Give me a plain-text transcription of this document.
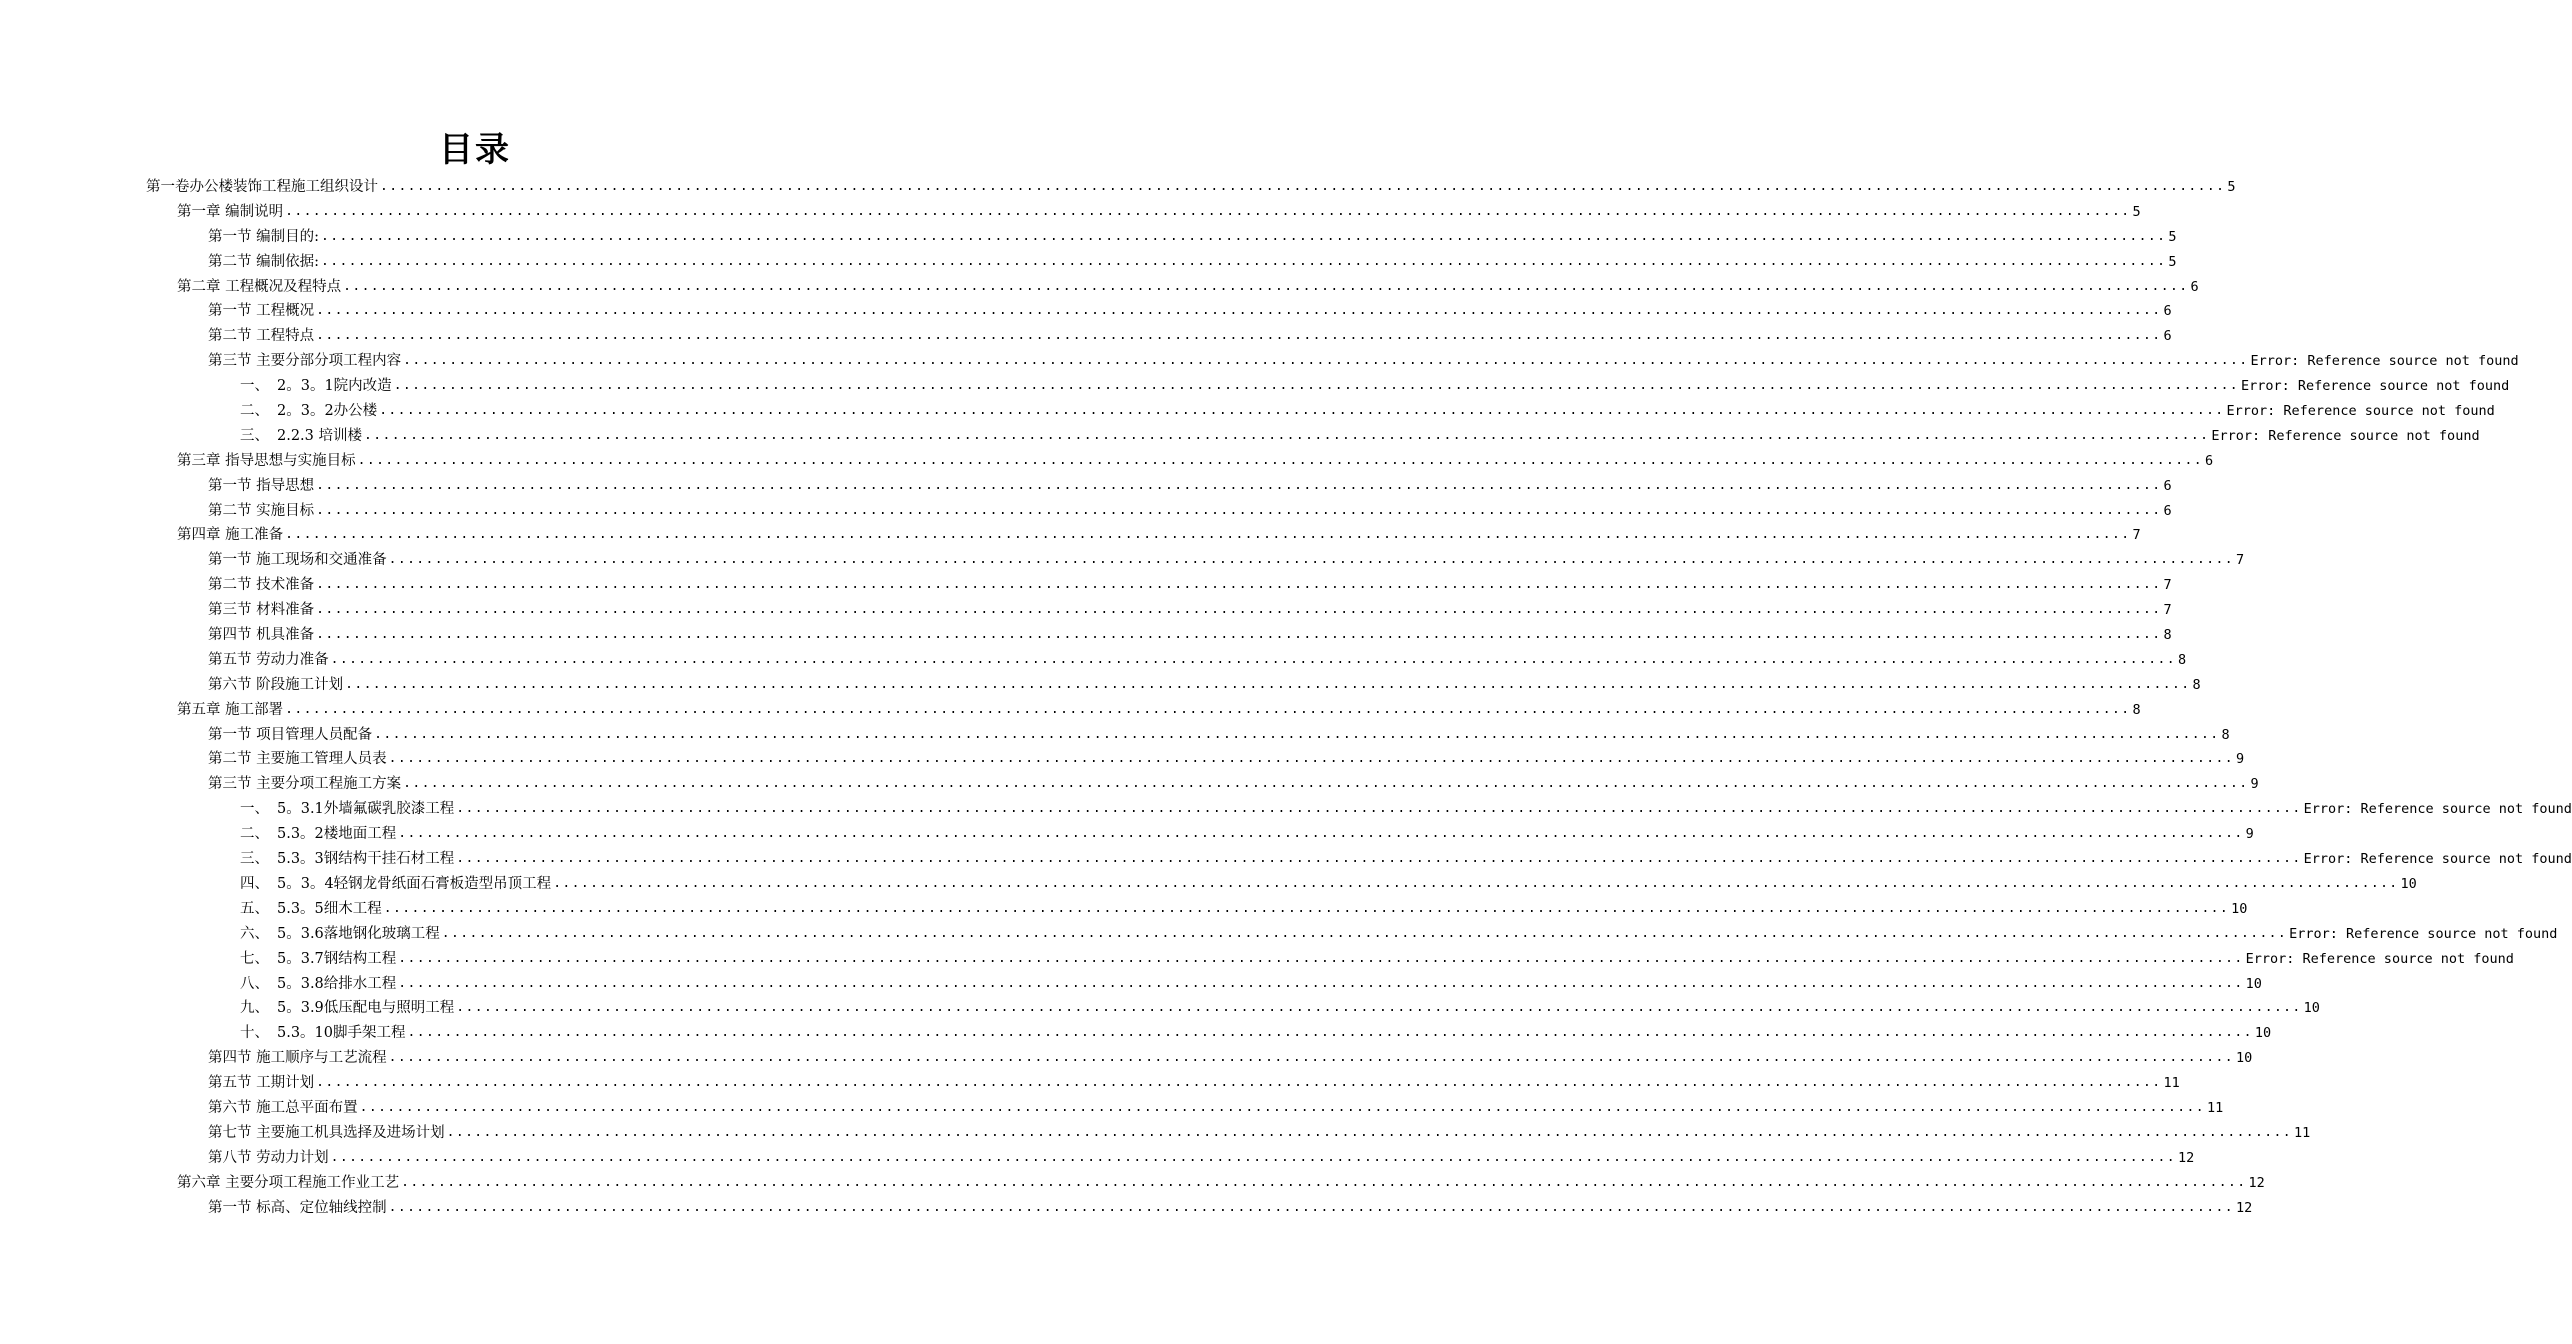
目录
第一卷办公楼装饰工程施工组织设计 ........................................................................................................................................................................................................ 5
第一章 编制说明 ........................................................................................................................................................................................................ 5
第一节 编制目的: ........................................................................................................................................................................................................ 5
第二节 编制依据: ........................................................................................................................................................................................................ 5
第二章 工程概况及程特点 ........................................................................................................................................................................................................ 6
第一节 工程概况 ........................................................................................................................................................................................................ 6
第二节 工程特点 ........................................................................................................................................................................................................ 6
第三节 主要分部分项工程内容 ........................................................................................................................................................................................................ Error: Reference source not found
一、 2。3。1院内改造 ........................................................................................................................................................................................................ Error: Reference source not found
二、 2。3。2办公楼 ........................................................................................................................................................................................................ Error: Reference source not found
三、 2.2.3 培训楼 ........................................................................................................................................................................................................ Error: Reference source not found
第三章 指导思想与实施目标 ........................................................................................................................................................................................................ 6
第一节 指导思想 ........................................................................................................................................................................................................ 6
第二节 实施目标 ........................................................................................................................................................................................................ 6
第四章 施工准备 ........................................................................................................................................................................................................ 7
第一节 施工现场和交通准备 ........................................................................................................................................................................................................ 7
第二节 技术准备 ........................................................................................................................................................................................................ 7
第三节 材料准备 ........................................................................................................................................................................................................ 7
第四节 机具准备 ........................................................................................................................................................................................................ 8
第五节 劳动力准备 ........................................................................................................................................................................................................ 8
第六节 阶段施工计划 ........................................................................................................................................................................................................ 8
第五章 施工部署 ........................................................................................................................................................................................................ 8
第一节 项目管理人员配备 ........................................................................................................................................................................................................ 8
第二节 主要施工管理人员表 ........................................................................................................................................................................................................ 9
第三节 主要分项工程施工方案 ........................................................................................................................................................................................................ 9
一、 5。3.1外墙氟碳乳胶漆工程 ........................................................................................................................................................................................................ Error: Reference source not found
二、 5.3。2楼地面工程 ........................................................................................................................................................................................................ 9
三、 5.3。3钢结构干挂石材工程 ........................................................................................................................................................................................................ Error: Reference source not found
四、 5。3。4轻钢龙骨纸面石膏板造型吊顶工程 ........................................................................................................................................................................................................ 10
五、 5.3。5细木工程 ........................................................................................................................................................................................................ 10
六、 5。3.6落地钢化玻璃工程 ........................................................................................................................................................................................................ Error: Reference source not found
七、 5。3.7钢结构工程 ........................................................................................................................................................................................................ Error: Reference source not found
八、 5。3.8给排水工程 ........................................................................................................................................................................................................ 10
九、 5。3.9低压配电与照明工程 ........................................................................................................................................................................................................ 10
十、 5.3。10脚手架工程 ........................................................................................................................................................................................................ 10
第四节 施工顺序与工艺流程 ........................................................................................................................................................................................................ 10
第五节 工期计划 ........................................................................................................................................................................................................ 11
第六节 施工总平面布置 ........................................................................................................................................................................................................ 11
第七节 主要施工机具选择及进场计划 ........................................................................................................................................................................................................ 11
第八节 劳动力计划 ........................................................................................................................................................................................................ 12
第六章 主要分项工程施工作业工艺 ........................................................................................................................................................................................................ 12
第一节 标高、定位轴线控制 ........................................................................................................................................................................................................ 12
